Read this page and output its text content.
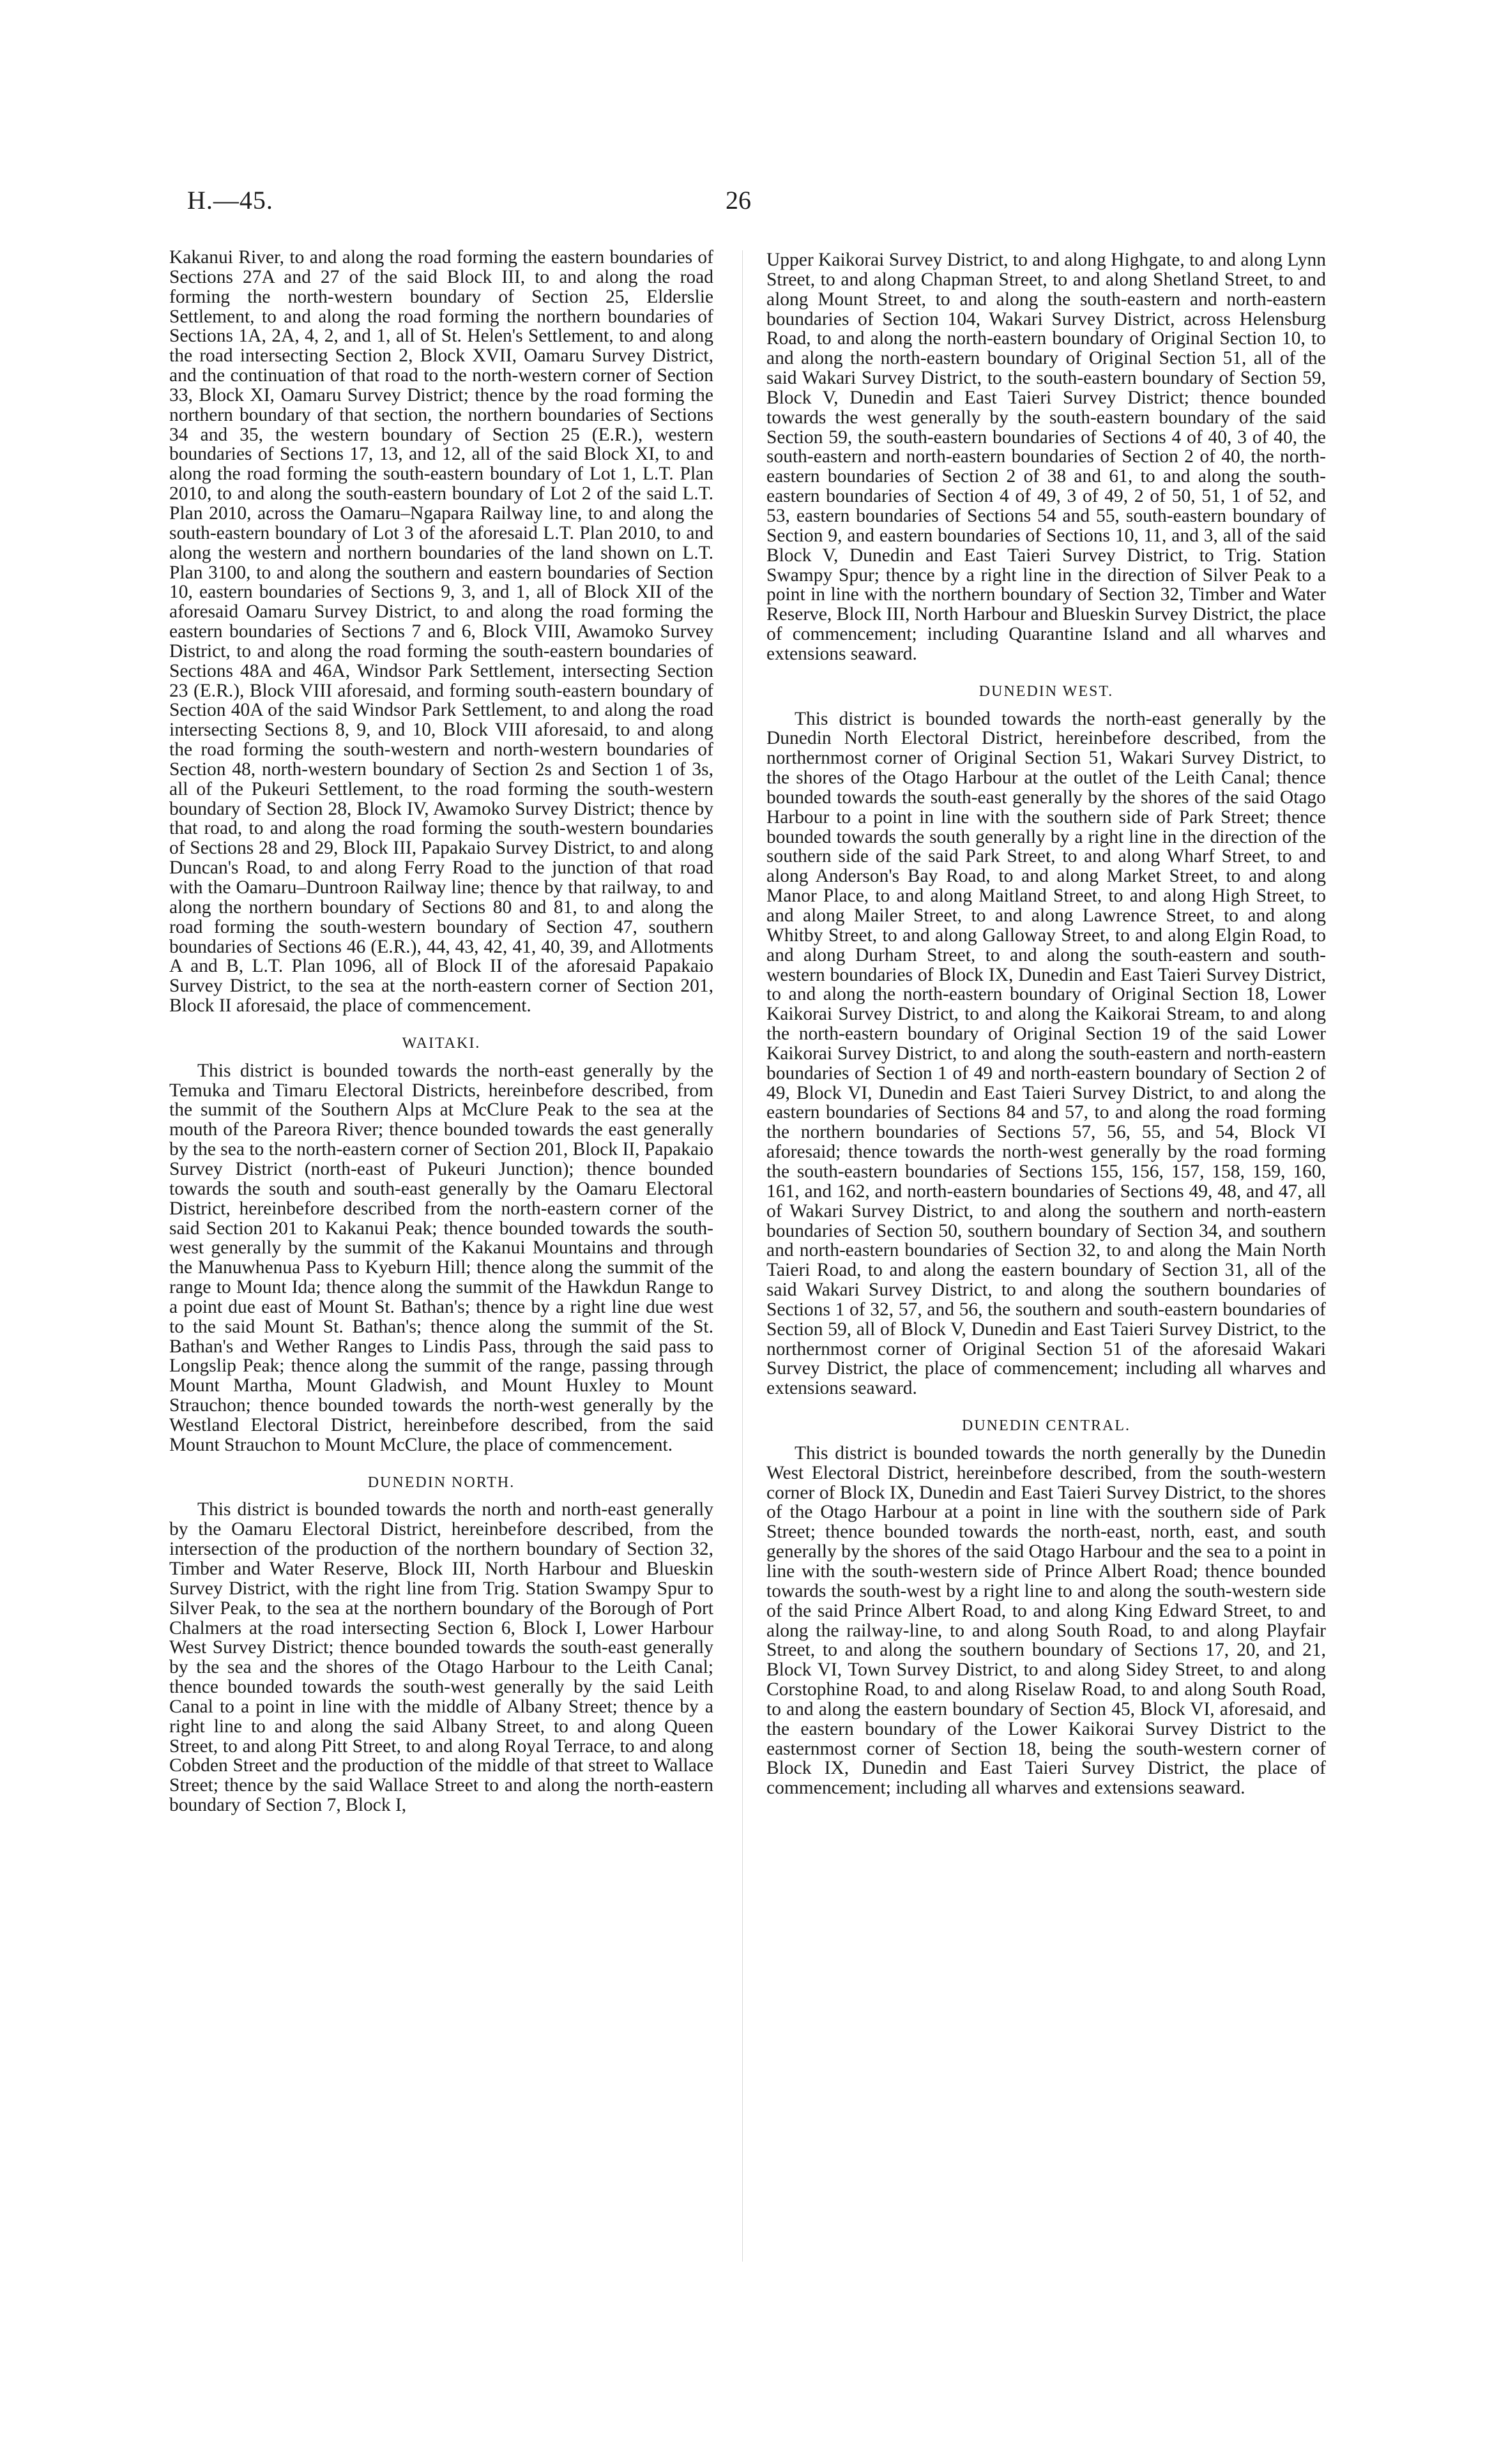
H.—45.	26

Kakanui River, to and along the road forming the eastern boundaries of Sections 27A and 27 of the said Block III, to and along the road forming the north-western boundary of Section 25, Elderslie Settlement, to and along the road forming the northern boundaries of Sections 1A, 2A, 4, 2, and 1, all of St. Helen's Settlement, to and along the road intersecting Section 2, Block XVII, Oamaru Survey District, and the continuation of that road to the north-western corner of Section 33, Block XI, Oamaru Survey District; thence by the road forming the northern boundary of that section, the northern boundaries of Sections 34 and 35, the western boundary of Section 25 (E.R.), western boundaries of Sections 17, 13, and 12, all of the said Block XI, to and along the road forming the south-eastern boundary of Lot 1, L.T. Plan 2010, to and along the south-eastern boundary of Lot 2 of the said L.T. Plan 2010, across the Oamaru–Ngapara Railway line, to and along the south-eastern boundary of Lot 3 of the aforesaid L.T. Plan 2010, to and along the western and northern boundaries of the land shown on L.T. Plan 3100, to and along the southern and eastern boundaries of Section 10, eastern boundaries of Sections 9, 3, and 1, all of Block XII of the aforesaid Oamaru Survey District, to and along the road forming the eastern boundaries of Sections 7 and 6, Block VIII, Awamoko Survey District, to and along the road forming the south-eastern boundaries of Sections 48A and 46A, Windsor Park Settlement, intersecting Section 23 (E.R.), Block VIII aforesaid, and forming south-eastern boundary of Section 40A of the said Windsor Park Settlement, to and along the road intersecting Sections 8, 9, and 10, Block VIII aforesaid, to and along the road forming the south-western and north-western boundaries of Section 48, north-western boundary of Section 2s and Section 1 of 3s, all of the Pukeuri Settlement, to the road forming the south-western boundary of Section 28, Block IV, Awamoko Survey District; thence by that road, to and along the road forming the south-western boundaries of Sections 28 and 29, Block III, Papakaio Survey District, to and along Duncan's Road, to and along Ferry Road to the junction of that road with the Oamaru–Duntroon Railway line; thence by that railway, to and along the northern boundary of Sections 80 and 81, to and along the road forming the south-western boundary of Section 47, southern boundaries of Sections 46 (E.R.), 44, 43, 42, 41, 40, 39, and Allotments A and B, L.T. Plan 1096, all of Block II of the aforesaid Papakaio Survey District, to the sea at the north-eastern corner of Section 201, Block II aforesaid, the place of commencement.

WAITAKI.

This district is bounded towards the north-east generally by the Temuka and Timaru Electoral Districts, hereinbefore described, from the summit of the Southern Alps at McClure Peak to the sea at the mouth of the Pareora River; thence bounded towards the east generally by the sea to the north-eastern corner of Section 201, Block II, Papakaio Survey District (north-east of Pukeuri Junction); thence bounded towards the south and south-east generally by the Oamaru Electoral District, hereinbefore described from the north-eastern corner of the said Section 201 to Kakanui Peak; thence bounded towards the south-west generally by the summit of the Kakanui Mountains and through the Manuwhenua Pass to Kyeburn Hill; thence along the summit of the range to Mount Ida; thence along the summit of the Hawkdun Range to a point due east of Mount St. Bathan's; thence by a right line due west to the said Mount St. Bathan's; thence along the summit of the St. Bathan's and Wether Ranges to Lindis Pass, through the said pass to Longslip Peak; thence along the summit of the range, passing through Mount Martha, Mount Gladwish, and Mount Huxley to Mount Strauchon; thence bounded towards the north-west generally by the Westland Electoral District, hereinbefore described, from the said Mount Strauchon to Mount McClure, the place of commencement.

DUNEDIN NORTH.

This district is bounded towards the north and north-east generally by the Oamaru Electoral District, hereinbefore described, from the intersection of the production of the northern boundary of Section 32, Timber and Water Reserve, Block III, North Harbour and Blueskin Survey District, with the right line from Trig. Station Swampy Spur to Silver Peak, to the sea at the northern boundary of the Borough of Port Chalmers at the road intersecting Section 6, Block I, Lower Harbour West Survey District; thence bounded towards the south-east generally by the sea and the shores of the Otago Harbour to the Leith Canal; thence bounded towards the south-west generally by the said Leith Canal to a point in line with the middle of Albany Street; thence by a right line to and along the said Albany Street, to and along Queen Street, to and along Pitt Street, to and along Royal Terrace, to and along Cobden Street and the production of the middle of that street to Wallace Street; thence by the said Wallace Street to and along the north-eastern boundary of Section 7, Block I,

Upper Kaikorai Survey District, to and along Highgate, to and along Lynn Street, to and along Chapman Street, to and along Shetland Street, to and along Mount Street, to and along the south-eastern and north-eastern boundaries of Section 104, Wakari Survey District, across Helensburg Road, to and along the north-eastern boundary of Original Section 10, to and along the north-eastern boundary of Original Section 51, all of the said Wakari Survey District, to the south-eastern boundary of Section 59, Block V, Dunedin and East Taieri Survey District; thence bounded towards the west generally by the south-eastern boundary of the said Section 59, the south-eastern boundaries of Sections 4 of 40, 3 of 40, the south-eastern and north-eastern boundaries of Section 2 of 40, the north-eastern boundaries of Section 2 of 38 and 61, to and along the south-eastern boundaries of Section 4 of 49, 3 of 49, 2 of 50, 51, 1 of 52, and 53, eastern boundaries of Sections 54 and 55, south-eastern boundary of Section 9, and eastern boundaries of Sections 10, 11, and 3, all of the said Block V, Dunedin and East Taieri Survey District, to Trig. Station Swampy Spur; thence by a right line in the direction of Silver Peak to a point in line with the northern boundary of Section 32, Timber and Water Reserve, Block III, North Harbour and Blueskin Survey District, the place of commencement; including Quarantine Island and all wharves and extensions seaward.

DUNEDIN WEST.

This district is bounded towards the north-east generally by the Dunedin North Electoral District, hereinbefore described, from the northernmost corner of Original Section 51, Wakari Survey District, to the shores of the Otago Harbour at the outlet of the Leith Canal; thence bounded towards the south-east generally by the shores of the said Otago Harbour to a point in line with the southern side of Park Street; thence bounded towards the south generally by a right line in the direction of the southern side of the said Park Street, to and along Wharf Street, to and along Anderson's Bay Road, to and along Market Street, to and along Manor Place, to and along Maitland Street, to and along High Street, to and along Mailer Street, to and along Lawrence Street, to and along Whitby Street, to and along Galloway Street, to and along Elgin Road, to and along Durham Street, to and along the south-eastern and south-western boundaries of Block IX, Dunedin and East Taieri Survey District, to and along the north-eastern boundary of Original Section 18, Lower Kaikorai Survey District, to and along the Kaikorai Stream, to and along the north-eastern boundary of Original Section 19 of the said Lower Kaikorai Survey District, to and along the south-eastern and north-eastern boundaries of Section 1 of 49 and north-eastern boundary of Section 2 of 49, Block VI, Dunedin and East Taieri Survey District, to and along the eastern boundaries of Sections 84 and 57, to and along the road forming the northern boundaries of Sections 57, 56, 55, and 54, Block VI aforesaid; thence towards the north-west generally by the road forming the south-eastern boundaries of Sections 155, 156, 157, 158, 159, 160, 161, and 162, and north-eastern boundaries of Sections 49, 48, and 47, all of Wakari Survey District, to and along the southern and north-eastern boundaries of Section 50, southern boundary of Section 34, and southern and north-eastern boundaries of Section 32, to and along the Main North Taieri Road, to and along the eastern boundary of Section 31, all of the said Wakari Survey District, to and along the southern boundaries of Sections 1 of 32, 57, and 56, the southern and south-eastern boundaries of Section 59, all of Block V, Dunedin and East Taieri Survey District, to the northernmost corner of Original Section 51 of the aforesaid Wakari Survey District, the place of commencement; including all wharves and extensions seaward.

DUNEDIN CENTRAL.

This district is bounded towards the north generally by the Dunedin West Electoral District, hereinbefore described, from the south-western corner of Block IX, Dunedin and East Taieri Survey District, to the shores of the Otago Harbour at a point in line with the southern side of Park Street; thence bounded towards the north-east, north, east, and south generally by the shores of the said Otago Harbour and the sea to a point in line with the south-western side of Prince Albert Road; thence bounded towards the south-west by a right line to and along the south-western side of the said Prince Albert Road, to and along King Edward Street, to and along the railway-line, to and along South Road, to and along Playfair Street, to and along the southern boundary of Sections 17, 20, and 21, Block VI, Town Survey District, to and along Sidey Street, to and along Corstophine Road, to and along Riselaw Road, to and along South Road, to and along the eastern boundary of Section 45, Block VI, aforesaid, and the eastern boundary of the Lower Kaikorai Survey District to the easternmost corner of Section 18, being the south-western corner of Block IX, Dunedin and East Taieri Survey District, the place of commencement; including all wharves and extensions seaward.
